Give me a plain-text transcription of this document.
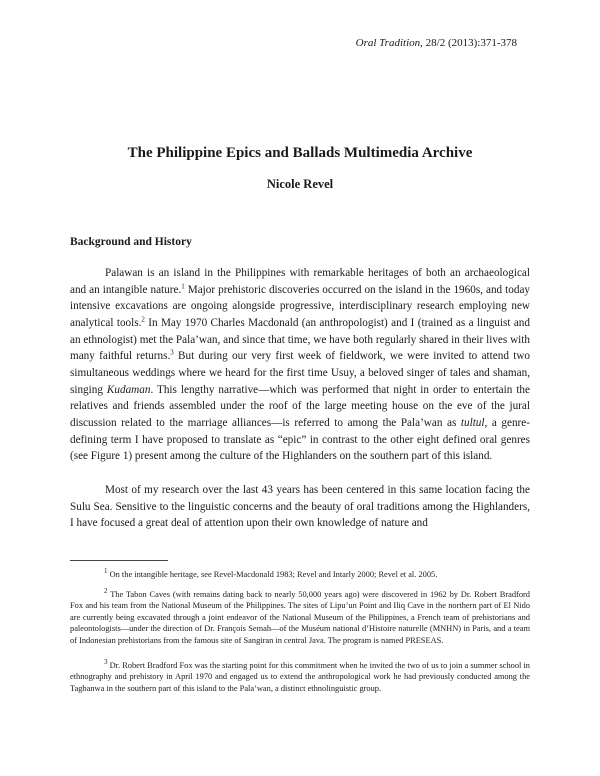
Oral Tradition, 28/2 (2013):371-378
The Philippine Epics and Ballads Multimedia Archive
Nicole Revel
Background and History

Palawan is an island in the Philippines with remarkable heritages of both an archaeological and an intangible nature.$^1$ Major prehistoric discoveries occurred on the island in the 1960s, and today intensive excavations are ongoing alongside progressive, interdisciplinary research employing new analytical tools.$^2$ In May 1970 Charles Macdonald (an anthropologist) and I (trained as a linguist and an ethnologist) met the Pala’wan, and since that time, we have both regularly shared in their lives with many faithful returns.$^3$ But during our very first week of fieldwork, we were invited to attend two simultaneous weddings where we heard for the first time Usuy, a beloved singer of tales and shaman, singing Kudaman. This lengthy narrative—which was performed that night in order to entertain the relatives and friends assembled under the roof of the large meeting house on the eve of the jural discussion related to the marriage alliances—is referred to among the Pala’wan as tultul, a genre-defining term I have proposed to translate as “epic” in contrast to the other eight defined oral genres (see Figure 1) present among the culture of the Highlanders on the southern part of this island.

Most of my research over the last 43 years has been centered in this same location facing the Sulu Sea. Sensitive to the linguistic concerns and the beauty of oral traditions among the Highlanders, I have focused a great deal of attention upon their own knowledge of nature and

$^1$ On the intangible heritage, see Revel-Macdonald 1983; Revel and Intarly 2000; Revel et al. 2005.
$^2$ The Tabon Caves (with remains dating back to nearly 50,000 years ago) were discovered in 1962 by Dr. Robert Bradford Fox and his team from the National Museum of the Philippines. The sites of Lipu’un Point and Iliq Cave in the northern part of El Nido are currently being excavated through a joint endeavor of the National Museum of the Philippines, a French team of prehistorians and paleontologists—under the direction of Dr. François Semah—of the Muséum national d’Histoire naturelle (MNHN) in Paris, and a team of Indonesian prehistorians from the famous site of Sangiran in central Java. The program is named PRESEAS.
$^3$ Dr. Robert Bradford Fox was the starting point for this commitment when he invited the two of us to join a summer school in ethnography and prehistory in April 1970 and engaged us to extend the anthropological work he had previously conducted among the Tagbanwa in the southern part of this island to the Pala’wan, a distinct ethnolinguistic group.
